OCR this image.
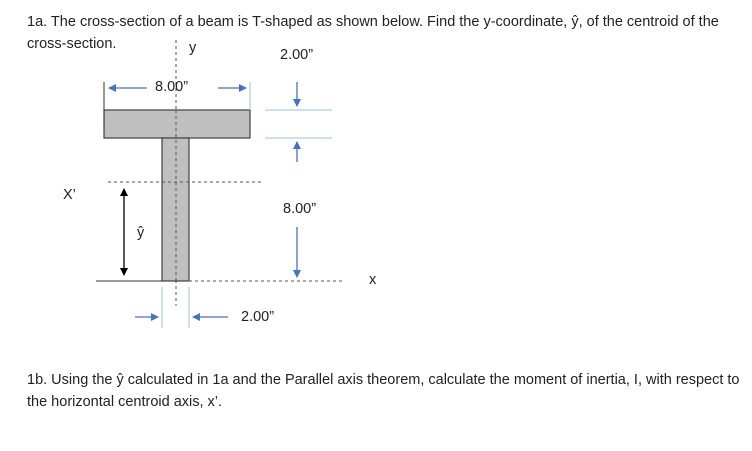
1a. The cross-section of a beam is T-shaped as shown below. Find the y-coordinate, ŷ, of the centroid of the cross-section.	y	2.00”
8.00”
X’
8.00”
ŷ
x
2.00”

1b. Using the ŷ calculated in 1a and the Parallel axis theorem, calculate the moment of inertia, I, with respect to the horizontal centroid axis, x’.
